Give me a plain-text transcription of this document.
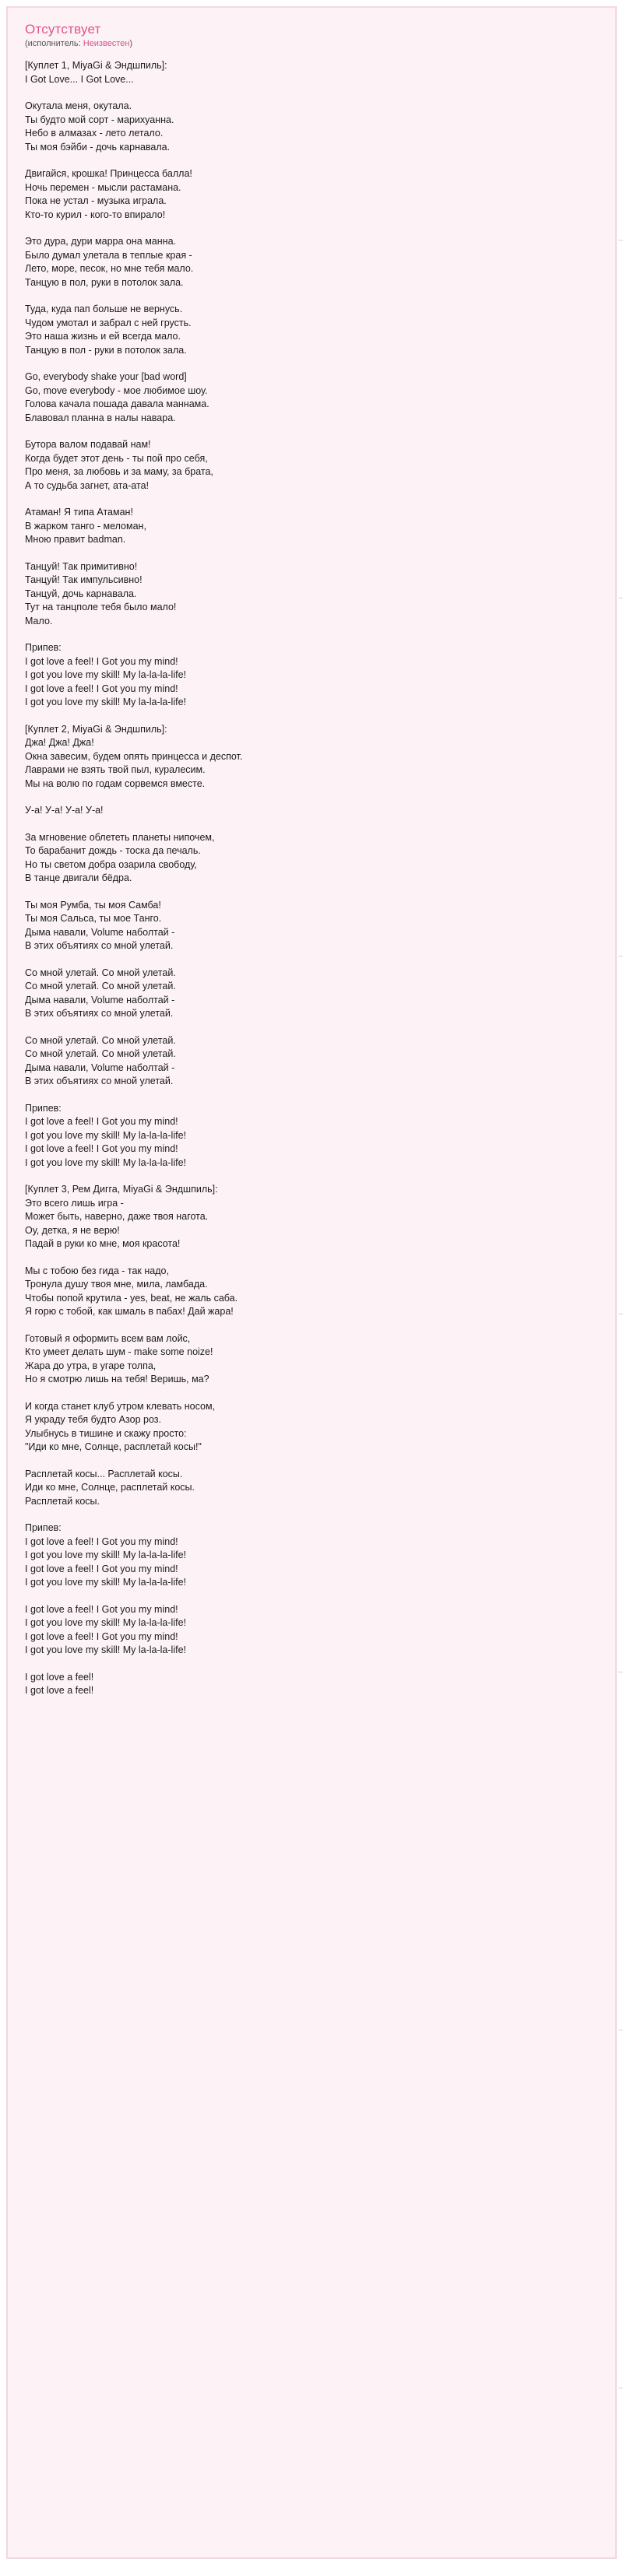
Отсутствует
(исполнитель: Неизвестен)
[Куплет 1, MiyaGi & Эндшпиль]:
I Got Love... I Got Love...
Окутала меня, окутала.
Ты будто мой сорт - марихуанна.
Небо в алмазах - лето летало.
Ты моя бэйби - дочь карнавала.
Двигайся, крошка! Принцесса балла!
Ночь перемен - мысли растамана.
Пока не устал - музыка играла.
Кто-то курил - кого-то впирало!
Это дура, дури марра она манна.
Было думал улетала в теплые края -
Лето, море, песок, но мне тебя мало.
Танцую в пол, руки в потолок зала.
Туда, куда пап больше не вернусь.
Чудом умотал и забрал с ней грусть.
Это наша жизнь и ей всегда мало.
Танцую в пол - руки в потолок зала.
Go, everybody shake your [bad word]
Go, move everybody - мое любимое шоу.
Голова качала пошада давала маннама.
Блавовал планна в налы навара.
Бутора валом подавай нам!
Когда будет этот день - ты пой про себя,
Про меня, за любовь и за маму, за брата,
А то судьба загнет, ата-ата!
Атаман! Я типа Атаман!
В жарком танго - меломан,
Мною правит badman.
Танцуй! Так примитивно!
Танцуй! Так импульсивно!
Танцуй, дочь карнавала.
Тут на танцполе тебя было мало!
Мало.
Припев:
I got love a feel! I Got you my mind!
I got you love my skill! My la-la-la-life!
I got love a feel! I Got you my mind!
I got you love my skill! My la-la-la-life!
[Куплет 2, MiyaGi & Эндшпиль]:
Джа! Джа! Джа!
Окна завесим, будем опять принцесса и деспот.
Лаврами не взять твой пыл, куралесим.
Мы на волю по годам сорвемся вместе.
У-а! У-а! У-а! У-а!
За мгновение облететь планеты нипочем,
То барабанит дождь - тоска да печаль.
Но ты светом добра озарила свободу,
В танце двигали бёдра.
Ты моя Румба, ты моя Самба!
Ты моя Сальса, ты мое Танго.
Дыма навали, Volume наболтай -
В этих объятиях со мной улетай.
Со мной улетай. Со мной улетай.
Со мной улетай. Со мной улетай.
Дыма навали, Volume наболтай -
В этих объятиях со мной улетай.
Со мной улетай. Со мной улетай.
Со мной улетай. Со мной улетай.
Дыма навали, Volume наболтай -
В этих объятиях со мной улетай.
Припев:
I got love a feel! I Got you my mind!
I got you love my skill! My la-la-la-life!
I got love a feel! I Got you my mind!
I got you love my skill! My la-la-la-life!
[Куплет 3, Рем Дигга, MiyaGi & Эндшпиль]:
Это всего лишь игра -
Может быть, наверно, даже твоя нагота.
Оу, детка, я не верю!
Падай в руки ко мне, моя красота!
Мы с тобою без гида - так надо,
Тронула душу твоя мне, мила, ламбада.
Чтобы попой крутила - yes, beat, не жаль саба.
Я горю с тобой, как шмаль в пабах! Дай жара!
Готовый я оформить всем вам лойс,
Кто умеет делать шум - make some noize!
Жара до утра, в угаре толпа,
Но я смотрю лишь на тебя! Веришь, ма?
И когда станет клуб утром клевать носом,
Я украду тебя будто Азор роз.
Улыбнусь в тишине и скажу просто:
"Иди ко мне, Солнце, расплетай косы!"
Расплетай косы... Расплетай косы.
Иди ко мне, Солнце, расплетай косы.
Расплетай косы.
Припев:
I got love a feel! I Got you my mind!
I got you love my skill! My la-la-la-life!
I got love a feel! I Got you my mind!
I got you love my skill! My la-la-la-life!
I got love a feel! I Got you my mind!
I got you love my skill! My la-la-la-life!
I got love a feel! I Got you my mind!
I got you love my skill! My la-la-la-life!
I got love a feel!
I got love a feel!
